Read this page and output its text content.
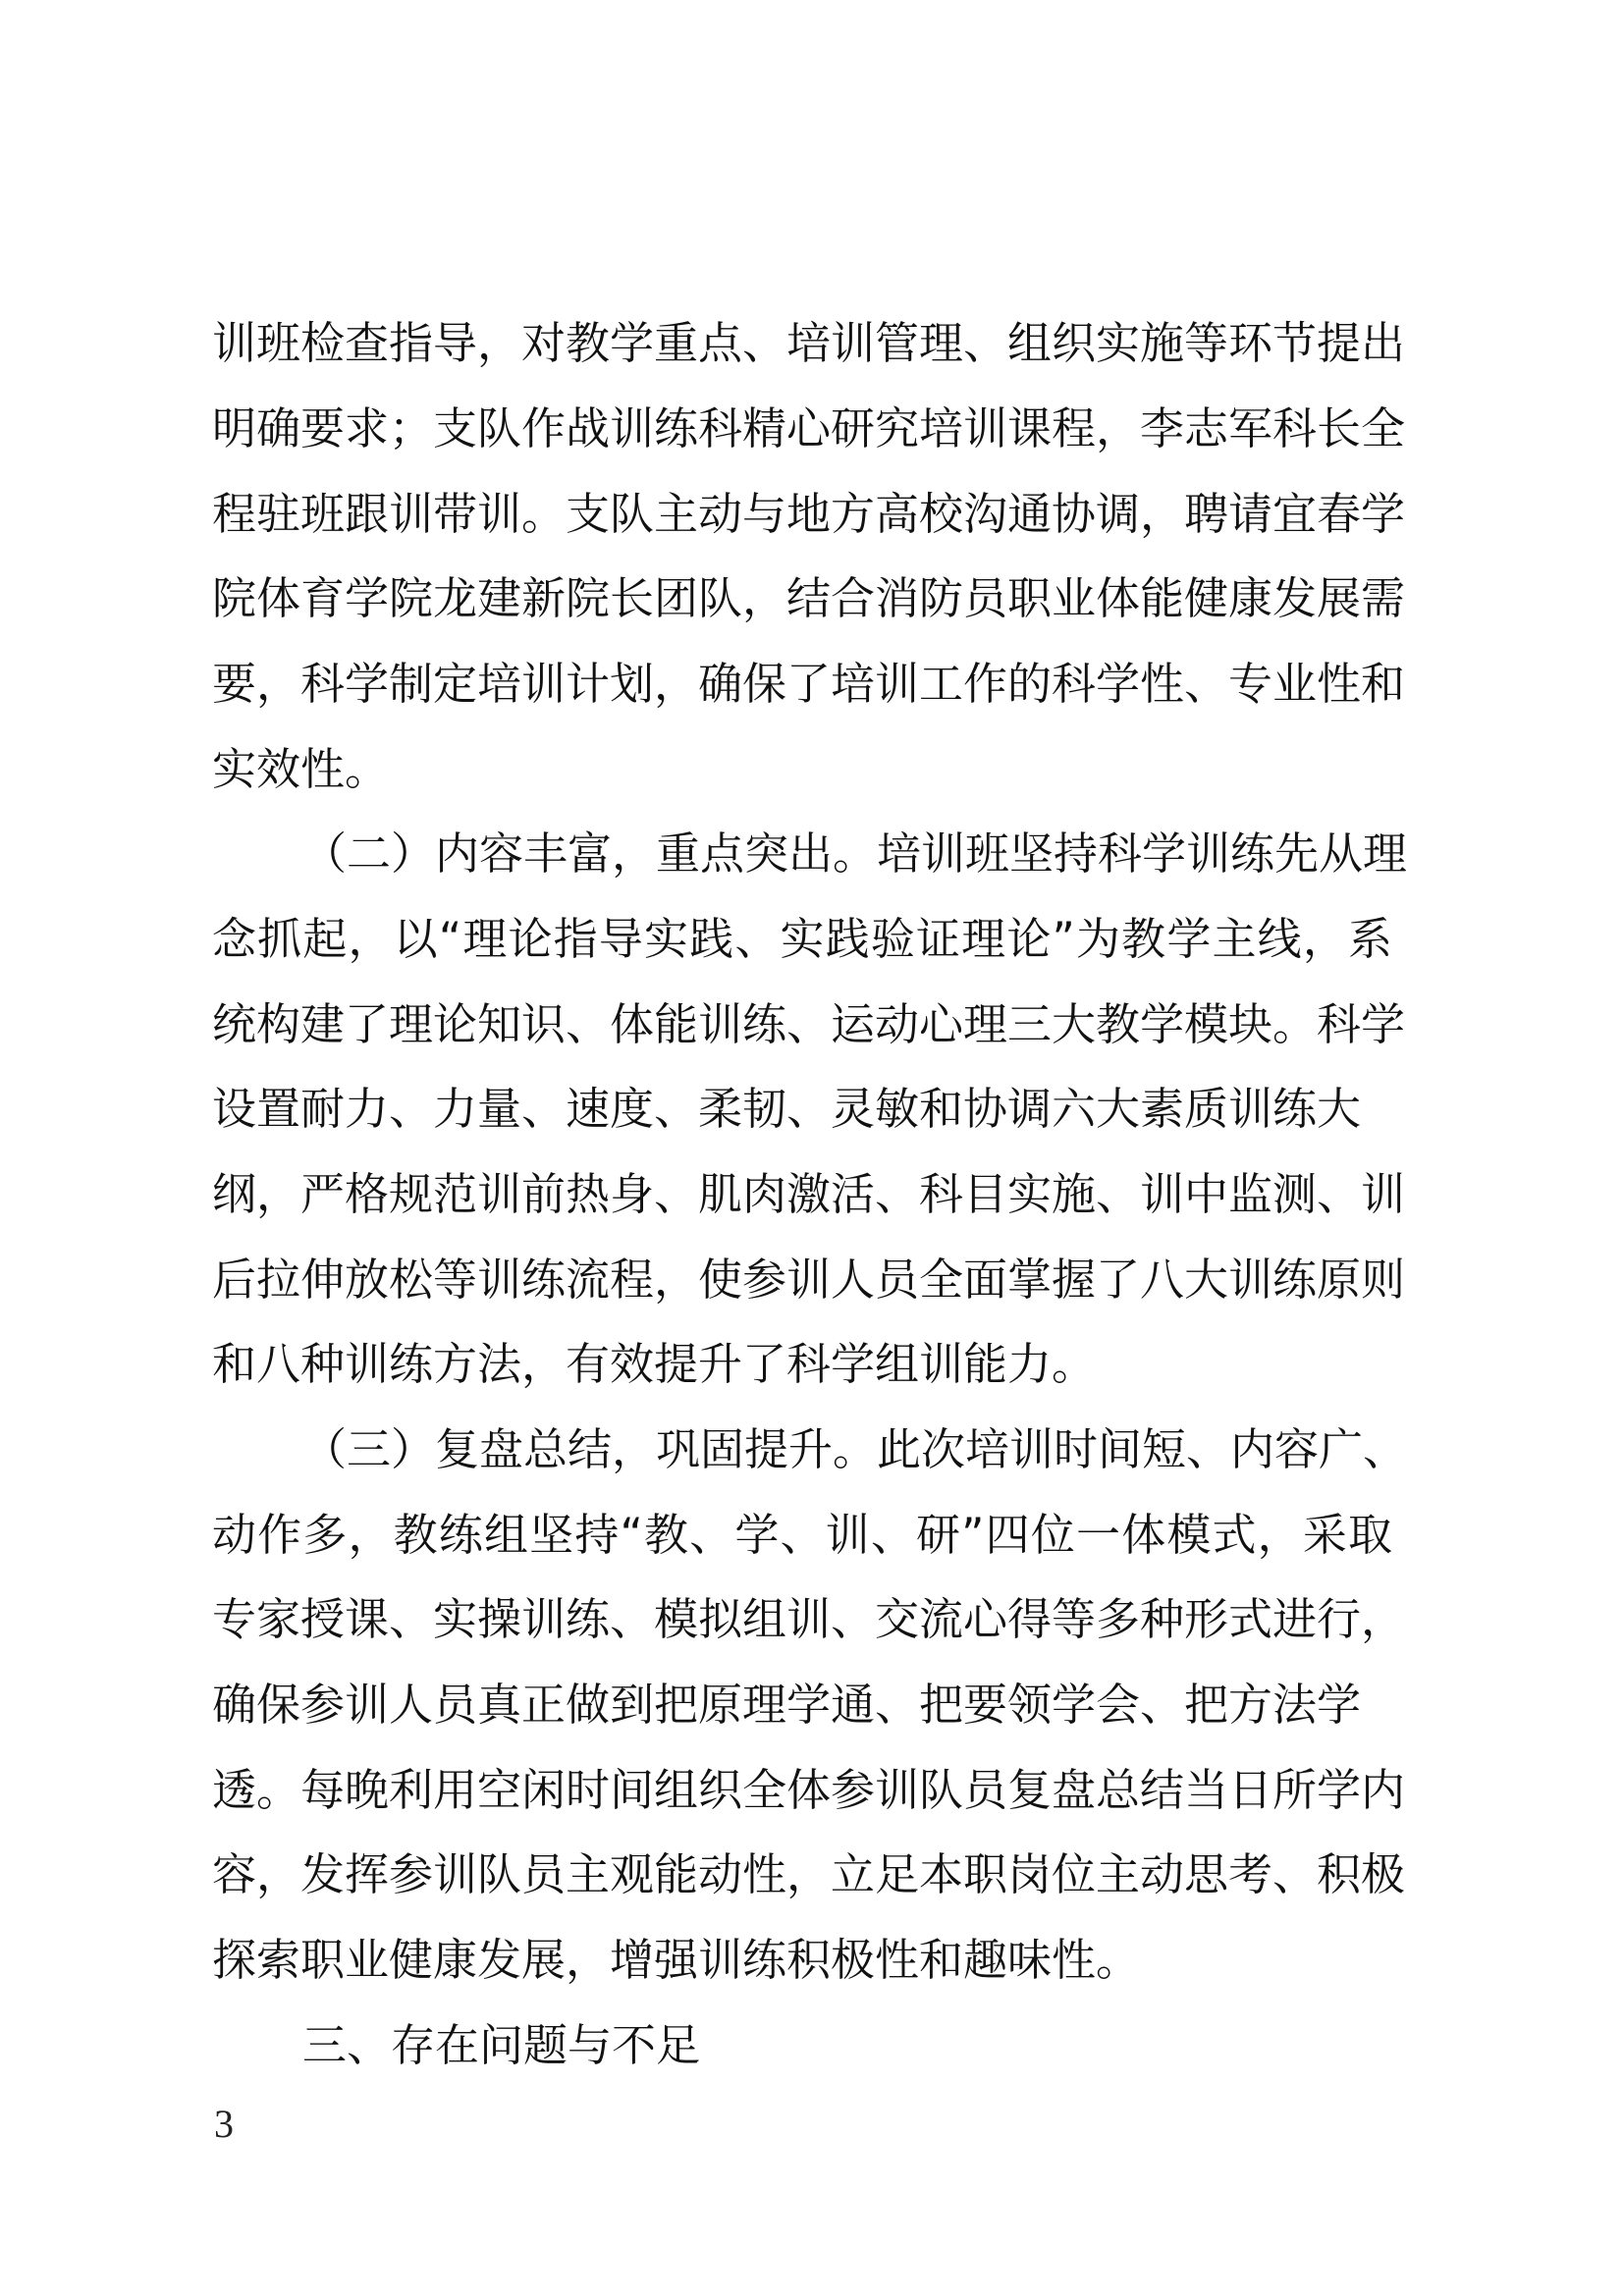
训班检查指导，对教学重点、培训管理、组织实施等环节提出
明确要求；支队作战训练科精心研究培训课程，李志军科长全
程驻班跟训带训。支队主动与地方高校沟通协调，聘请宜春学
院体育学院龙建新院长团队，结合消防员职业体能健康发展需
要，科学制定培训计划，确保了培训工作的科学性、专业性和
实效性。
（二）内容丰富，重点突出。培训班坚持科学训练先从理
念抓起，以“理论指导实践、实践验证理论”为教学主线，系
统构建了理论知识、体能训练、运动心理三大教学模块。科学
设置耐力、力量、速度、柔韧、灵敏和协调六大素质训练大
纲，严格规范训前热身、肌肉激活、科目实施、训中监测、训
后拉伸放松等训练流程，使参训人员全面掌握了八大训练原则
和八种训练方法，有效提升了科学组训能力。
（三）复盘总结，巩固提升。此次培训时间短、内容广、
动作多，教练组坚持“教、学、训、研”四位一体模式，采取
专家授课、实操训练、模拟组训、交流心得等多种形式进行，
确保参训人员真正做到把原理学通、把要领学会、把方法学
透。每晚利用空闲时间组织全体参训队员复盘总结当日所学内
容，发挥参训队员主观能动性，立足本职岗位主动思考、积极
探索职业健康发展，增强训练积极性和趣味性。
三、存在问题与不足
3
